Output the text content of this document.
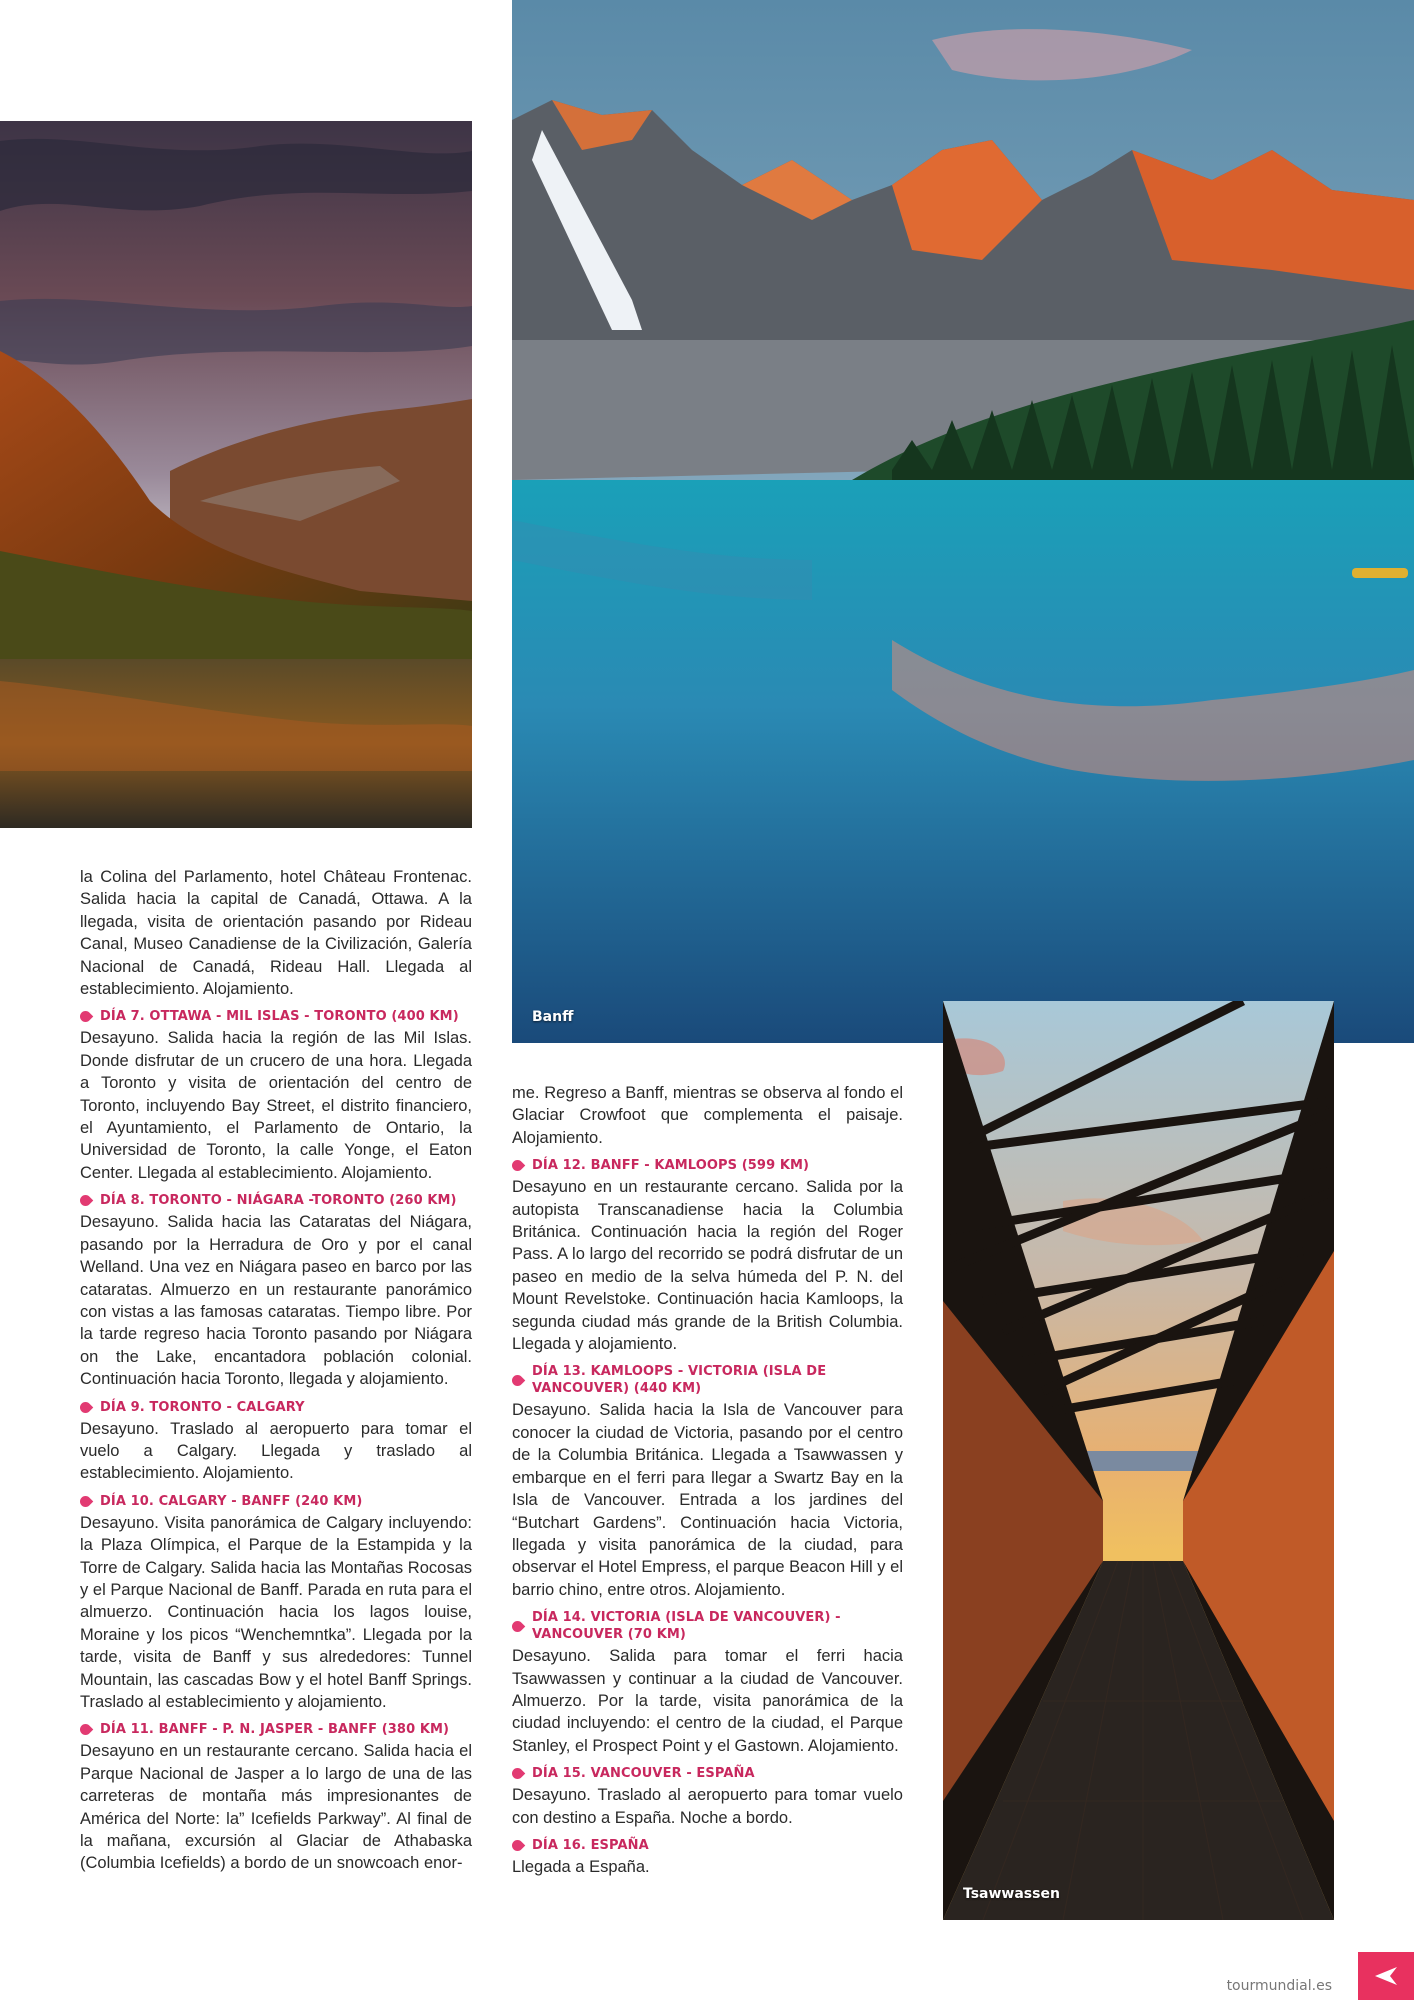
Banff
Tsawwassen

la Colina del Parlamento, hotel Château Frontenac. Salida hacia la capital de Canadá, Ottawa. A la llegada, visita de orientación pasando por Rideau Canal, Museo Canadiense de la Civilización, Galería Nacional de Canadá, Rideau Hall. Llegada al establecimiento. Alojamiento.

DÍA 7. OTTAWA - MIL ISLAS - TORONTO (400 KM)

Desayuno. Salida hacia la región de las Mil Islas. Donde disfrutar de un crucero de una hora. Llegada a Toronto y visita de orientación del centro de Toronto, incluyendo Bay Street, el distrito financiero, el Ayuntamiento, el Parlamento de Ontario, la Universidad de Toronto, la calle Yonge, el Eaton Center. Llegada al establecimiento. Alojamiento.

DÍA 8. TORONTO - NIÁGARA -TORONTO (260 KM)

Desayuno. Salida hacia las Cataratas del Niágara, pasando por la Herradura de Oro y por el canal Welland. Una vez en Niágara paseo en barco por las cataratas. Almuerzo en un restaurante panorámico con vistas a las famosas cataratas. Tiempo libre. Por la tarde regreso hacia Toronto pasando por Niágara on the Lake, encantadora población colonial. Continuación hacia Toronto, llegada y alojamiento.

DÍA 9. TORONTO - CALGARY

Desayuno. Traslado al aeropuerto para tomar el vuelo a Calgary. Llegada y traslado al establecimiento. Alojamiento.

DÍA 10. CALGARY - BANFF (240 KM)

Desayuno. Visita panorámica de Calgary incluyendo: la Plaza Olímpica, el Parque de la Estampida y la Torre de Calgary. Salida hacia las Montañas Rocosas y el Parque Nacional de Banff. Parada en ruta para el almuerzo. Continuación hacia los lagos louise, Moraine y los picos “Wenchemntka”. Llegada por la tarde, visita de Banff y sus alrededores: Tunnel Mountain, las cascadas Bow y el hotel Banff Springs. Traslado al establecimiento y alojamiento.

DÍA 11. BANFF - P. N. JASPER - BANFF (380 KM)

Desayuno en un restaurante cercano. Salida hacia el Parque Nacional de Jasper a lo largo de una de las carreteras de montaña más impresionantes de América del Norte: la” Icefields Parkway”. Al final de la mañana, excursión al Glaciar de Athabaska (Columbia Icefields) a bordo de un snowcoach enor-

me. Regreso a Banff, mientras se observa al fondo el Glaciar Crowfoot que complementa el paisaje. Alojamiento.

DÍA 12. BANFF - KAMLOOPS (599 KM)

Desayuno en un restaurante cercano. Salida por la autopista Transcanadiense hacia la Columbia Británica. Continuación hacia la región del Roger Pass. A lo largo del recorrido se podrá disfrutar de un paseo en medio de la selva húmeda del P. N. del Mount Revelstoke. Continuación hacia Kamloops, la segunda ciudad más grande de la British Columbia. Llegada y alojamiento.

DÍA 13. KAMLOOPS - VICTORIA (ISLA DE VANCOUVER) (440 KM)

Desayuno. Salida hacia la Isla de Vancouver para conocer la ciudad de Victoria, pasando por el centro de la Columbia Británica. Llegada a Tsawwassen y embarque en el ferri para llegar a Swartz Bay en la Isla de Vancouver. Entrada a los jardines del “Butchart Gardens”. Continuación hacia Victoria, llegada y visita panorámica de la ciudad, para observar el Hotel Empress, el parque Beacon Hill y el barrio chino, entre otros. Alojamiento.

DÍA 14. VICTORIA (ISLA DE VANCOUVER) - VANCOUVER (70 KM)

Desayuno. Salida para tomar el ferri hacia Tsawwassen y continuar a la ciudad de Vancouver. Almuerzo. Por la tarde, visita panorámica de la ciudad incluyendo: el centro de la ciudad, el Parque Stanley, el Prospect Point y el Gastown. Alojamiento.

DÍA 15. VANCOUVER - ESPAÑA

Desayuno. Traslado al aeropuerto para tomar vuelo con destino a España. Noche a bordo.

DÍA 16. ESPAÑA

Llegada a España.

tourmundial.es
